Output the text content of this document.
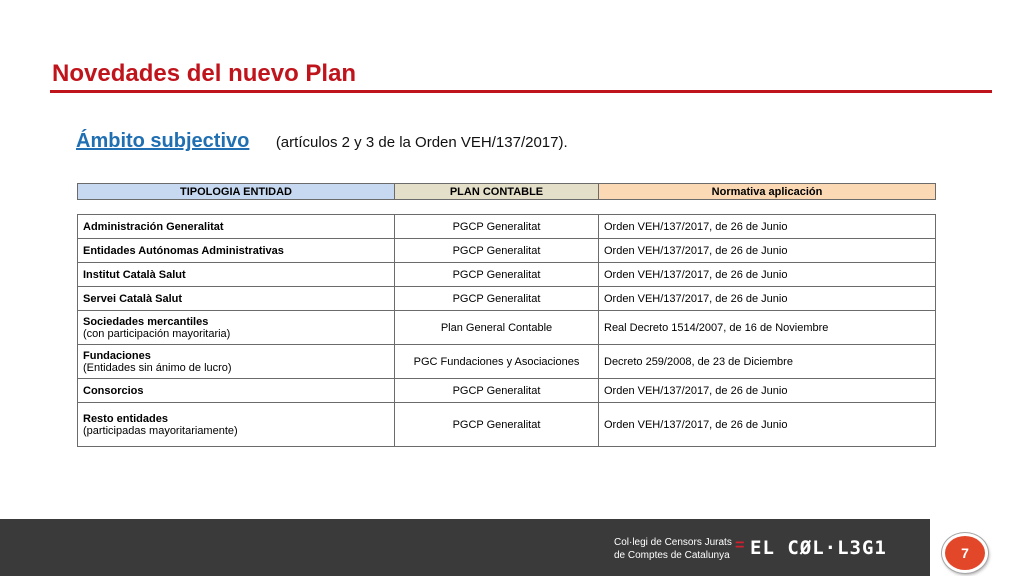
Novedades del nuevo Plan
Ámbito subjectivo (artículos 2 y 3 de la Orden VEH/137/2017).
TIPOLOGIA ENTIDAD	PLAN CONTABLE	Normativa aplicación
Administración Generalitat	PGCP Generalitat	Orden VEH/137/2017, de 26 de Junio
Entidades Autónomas Administrativas	PGCP Generalitat	Orden VEH/137/2017, de 26 de Junio
Institut Català Salut	PGCP Generalitat	Orden VEH/137/2017, de 26 de Junio
Servei Català Salut	PGCP Generalitat	Orden VEH/137/2017, de 26 de Junio
Sociedades mercantiles
(con participación mayoritaria)	Plan General Contable	Real Decreto 1514/2007, de 16 de Noviembre
Fundaciones
(Entidades sin ánimo de lucro)	PGC Fundaciones y Asociaciones	Decreto 259/2008, de 23 de Diciembre
Consorcios	PGCP Generalitat	Orden VEH/137/2017, de 26 de Junio
Resto entidades
(participadas mayoritariamente)	PGCP Generalitat	Orden VEH/137/2017, de 26 de Junio
Col·legi de Censors Jurats
de Comptes de Catalunya
= EL CØL·L3G1	7
